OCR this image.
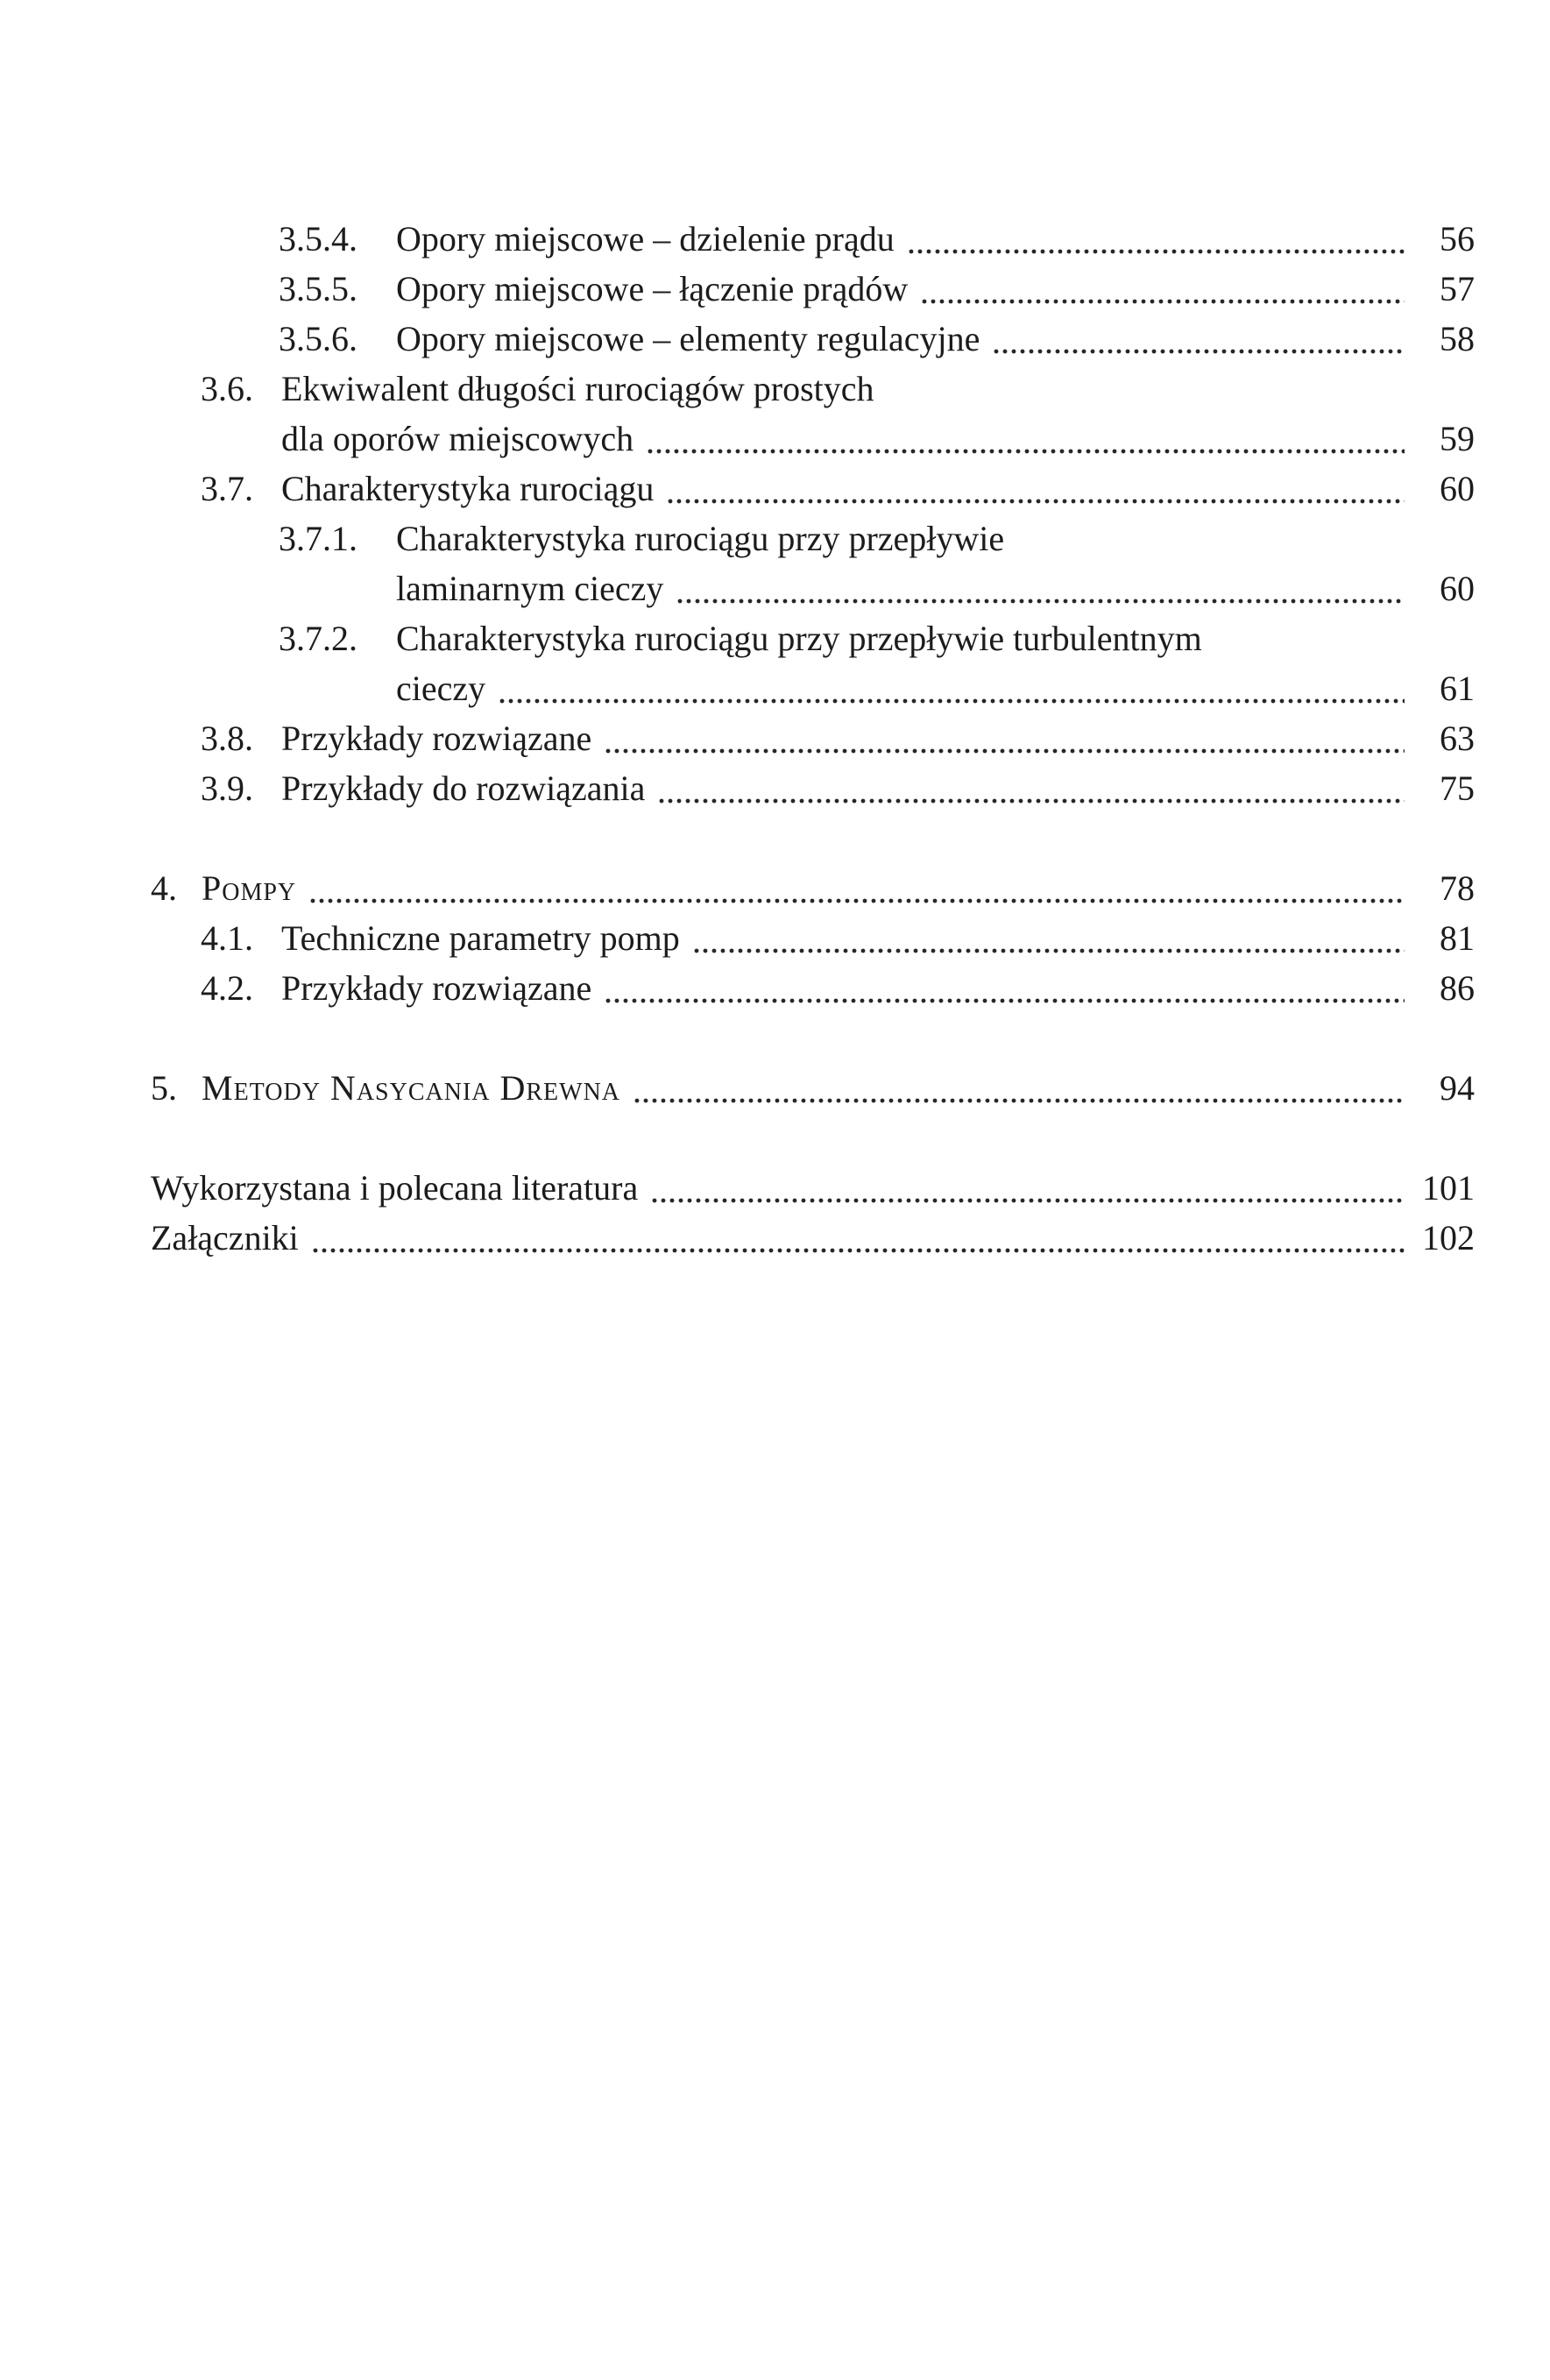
3.5.4.	Opory miejscowe – dzielenie prądu	56
3.5.5.	Opory miejscowe – łączenie prądów	57
3.5.6.	Opory miejscowe – elementy regulacyjne	58
3.6. Ekwiwalent długości rurociągów prostych
dla oporów miejscowych	59
3.7. Charakterystyka rurociągu	60
3.7.1.	Charakterystyka rurociągu przy przepływie
laminarnym cieczy	60
3.7.2.	Charakterystyka rurociągu przy przepływie turbulentnym
cieczy	61
3.8. Przykłady rozwiązane	63
3.9. Przykłady do rozwiązania	75
4. Pompy	78
4.1. Techniczne parametry pomp	81
4.2. Przykłady rozwiązane	86
5. Metody Nasycania Drewna	94
Wykorzystana i polecana literatura	101
Załączniki	102
